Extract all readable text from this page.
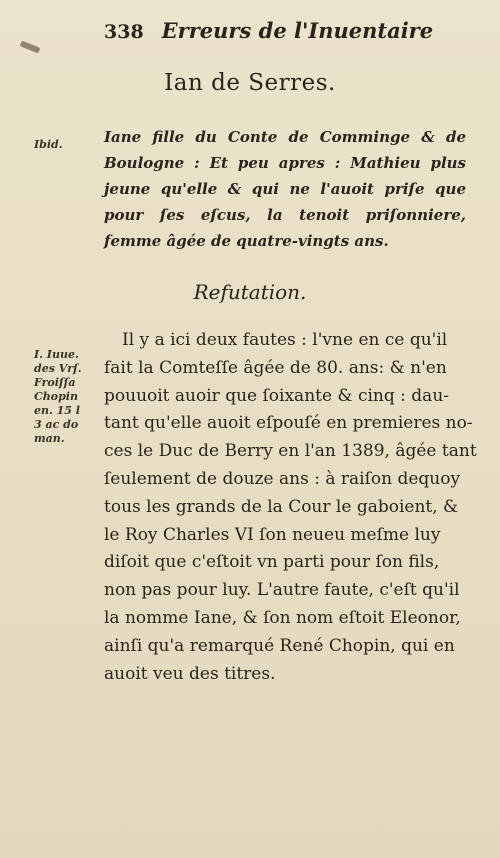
338 Erreurs de l'Inuentaire
Ian de Serres.
Ibid.	Iane fille du Conte de Comminge & de Boulogne : Et peu apres : Mathieu plus jeune qu'elle & qui ne l'auoit priſe que pour ſes eſcus, la tenoit priſonniere, femme âgée de quatre-vingts ans.
Refutation.
I. Iuue.
des Vrſ.
Froiſſa
Chopin
en. 15 l
3 ac do
man.
Il y a ici deux fautes : l'vne en ce qu'il
fait la Comteſſe âgée de 80. ans: & n'en
pouuoit auoir que ſoixante & cinq : dau-
tant qu'elle auoit eſpouſé en premieres no-
ces le Duc de Berry en l'an 1389, âgée tant
ſeulement de douze ans : à raiſon dequoy
tous les grands de la Cour le gaboient, &
le Roy Charles VI ſon neueu meſme luy
diſoit que c'eſtoit vn parti pour ſon fils,
non pas pour luy. L'autre faute, c'eſt qu'il
la nomme Iane, & ſon nom eſtoit Eleonor,
ainſi qu'a remarqué René Chopin, qui en
auoit veu des titres.
